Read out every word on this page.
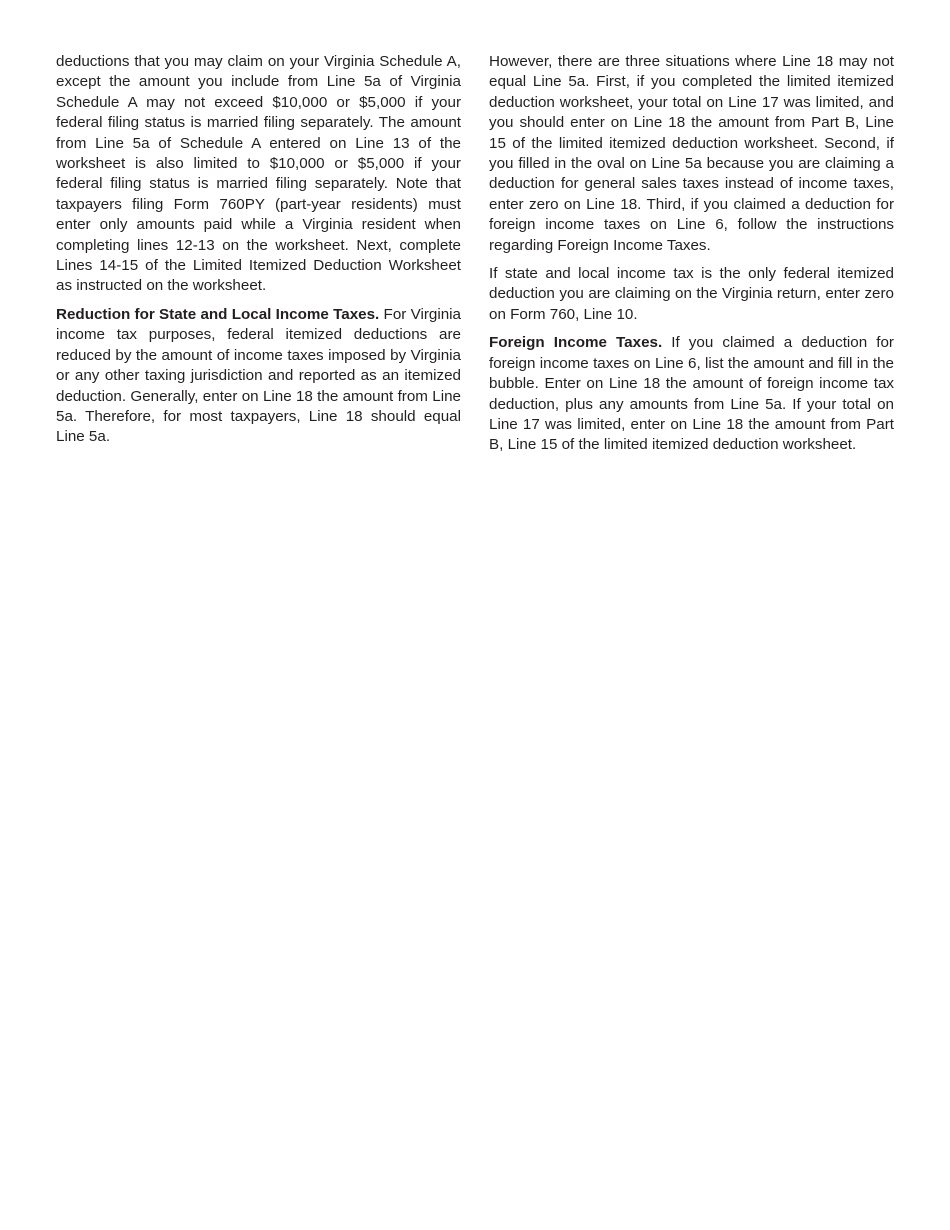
deductions that you may claim on your Virginia Schedule A, except the amount you include from Line 5a of Virginia Schedule A may not exceed $10,000 or $5,000 if your federal filing status is married filing separately. The amount from Line 5a of Schedule A entered on Line 13 of the worksheet is also limited to $10,000 or $5,000 if your federal filing status is married filing separately. Note that taxpayers filing Form 760PY (part-year residents) must enter only amounts paid while a Virginia resident when completing lines 12-13 on the worksheet. Next, complete Lines 14-15 of the Limited Itemized Deduction Worksheet as instructed on the worksheet.

Reduction for State and Local Income Taxes. For Virginia income tax purposes, federal itemized deductions are reduced by the amount of income taxes imposed by Virginia or any other taxing jurisdiction and reported as an itemized deduction. Generally, enter on Line 18 the amount from Line 5a. Therefore, for most taxpayers, Line 18 should equal Line 5a.

However, there are three situations where Line 18 may not equal Line 5a. First, if you completed the limited itemized deduction worksheet, your total on Line 17 was limited, and you should enter on Line 18 the amount from Part B, Line 15 of the limited itemized deduction worksheet. Second, if you filled in the oval on Line 5a because you are claiming a deduction for general sales taxes instead of income taxes, enter zero on Line 18. Third, if you claimed a deduction for foreign income taxes on Line 6, follow the instructions regarding Foreign Income Taxes.

If state and local income tax is the only federal itemized deduction you are claiming on the Virginia return, enter zero on Form 760, Line 10.

Foreign Income Taxes. If you claimed a deduction for foreign income taxes on Line 6, list the amount and fill in the bubble. Enter on Line 18 the amount of foreign income tax deduction, plus any amounts from Line 5a. If your total on Line 17 was limited, enter on Line 18 the amount from Part B, Line 15 of the limited itemized deduction worksheet.
